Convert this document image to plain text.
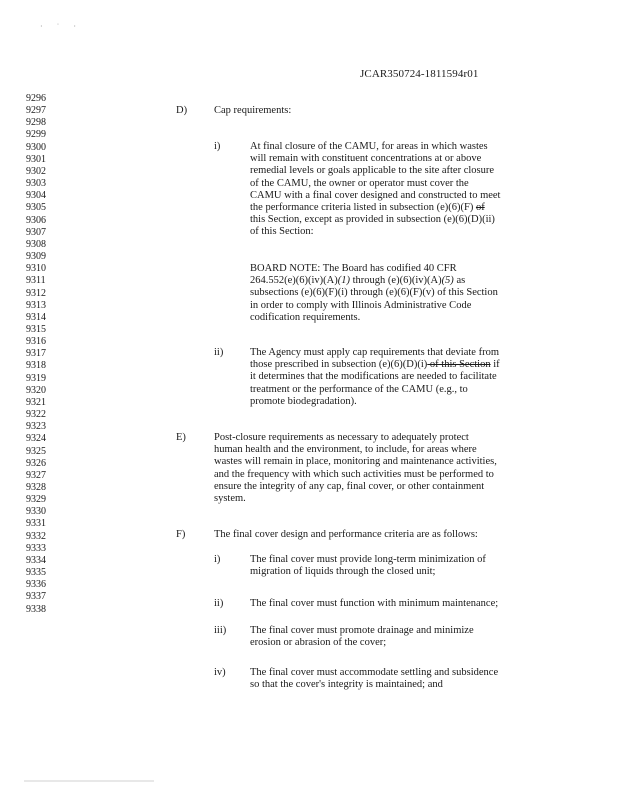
· ˙ ·
JCAR350724-1811594r01
9296
9297
9298
9299
9300
9301
9302
9303
9304
9305
9306
9307
9308
9309
9310
9311
9312
9313
9314
9315
9316
9317
9318
9319
9320
9321
9322
9323
9324
9325
9326
9327
9328
9329
9330
9331
9332
9333
9334
9335
9336
9337
9338
D)	Cap requirements:
i)	At final closure of the CAMU, for areas in which wastes
will remain with constituent concentrations at or above
remedial levels or goals applicable to the site after closure
of the CAMU, the owner or operator must cover the
CAMU with a final cover designed and constructed to meet
the performance criteria listed in subsection (e)(6)(F) of
this Section, except as provided in subsection (e)(6)(D)(ii)
of this Section:
BOARD NOTE: The Board has codified 40 CFR
264.552(e)(6)(iv)(A)(1) through (e)(6)(iv)(A)(5) as
subsections (e)(6)(F)(i) through (e)(6)(F)(v) of this Section
in order to comply with Illinois Administrative Code
codification requirements.
ii)	The Agency must apply cap requirements that deviate from
those prescribed in subsection (e)(6)(D)(i) of this Section if
it determines that the modifications are needed to facilitate
treatment or the performance of the CAMU (e.g., to
promote biodegradation).
E)	Post-closure requirements as necessary to adequately protect
human health and the environment, to include, for areas where
wastes will remain in place, monitoring and maintenance activities,
and the frequency with which such activities must be performed to
ensure the integrity of any cap, final cover, or other containment
system.
F)	The final cover design and performance criteria are as follows:
i)	The final cover must provide long-term minimization of
migration of liquids through the closed unit;
ii)	The final cover must function with minimum maintenance;
iii) The final cover must promote drainage and minimize
erosion or abrasion of the cover;
iv) The final cover must accommodate settling and subsidence
so that the cover's integrity is maintained; and
